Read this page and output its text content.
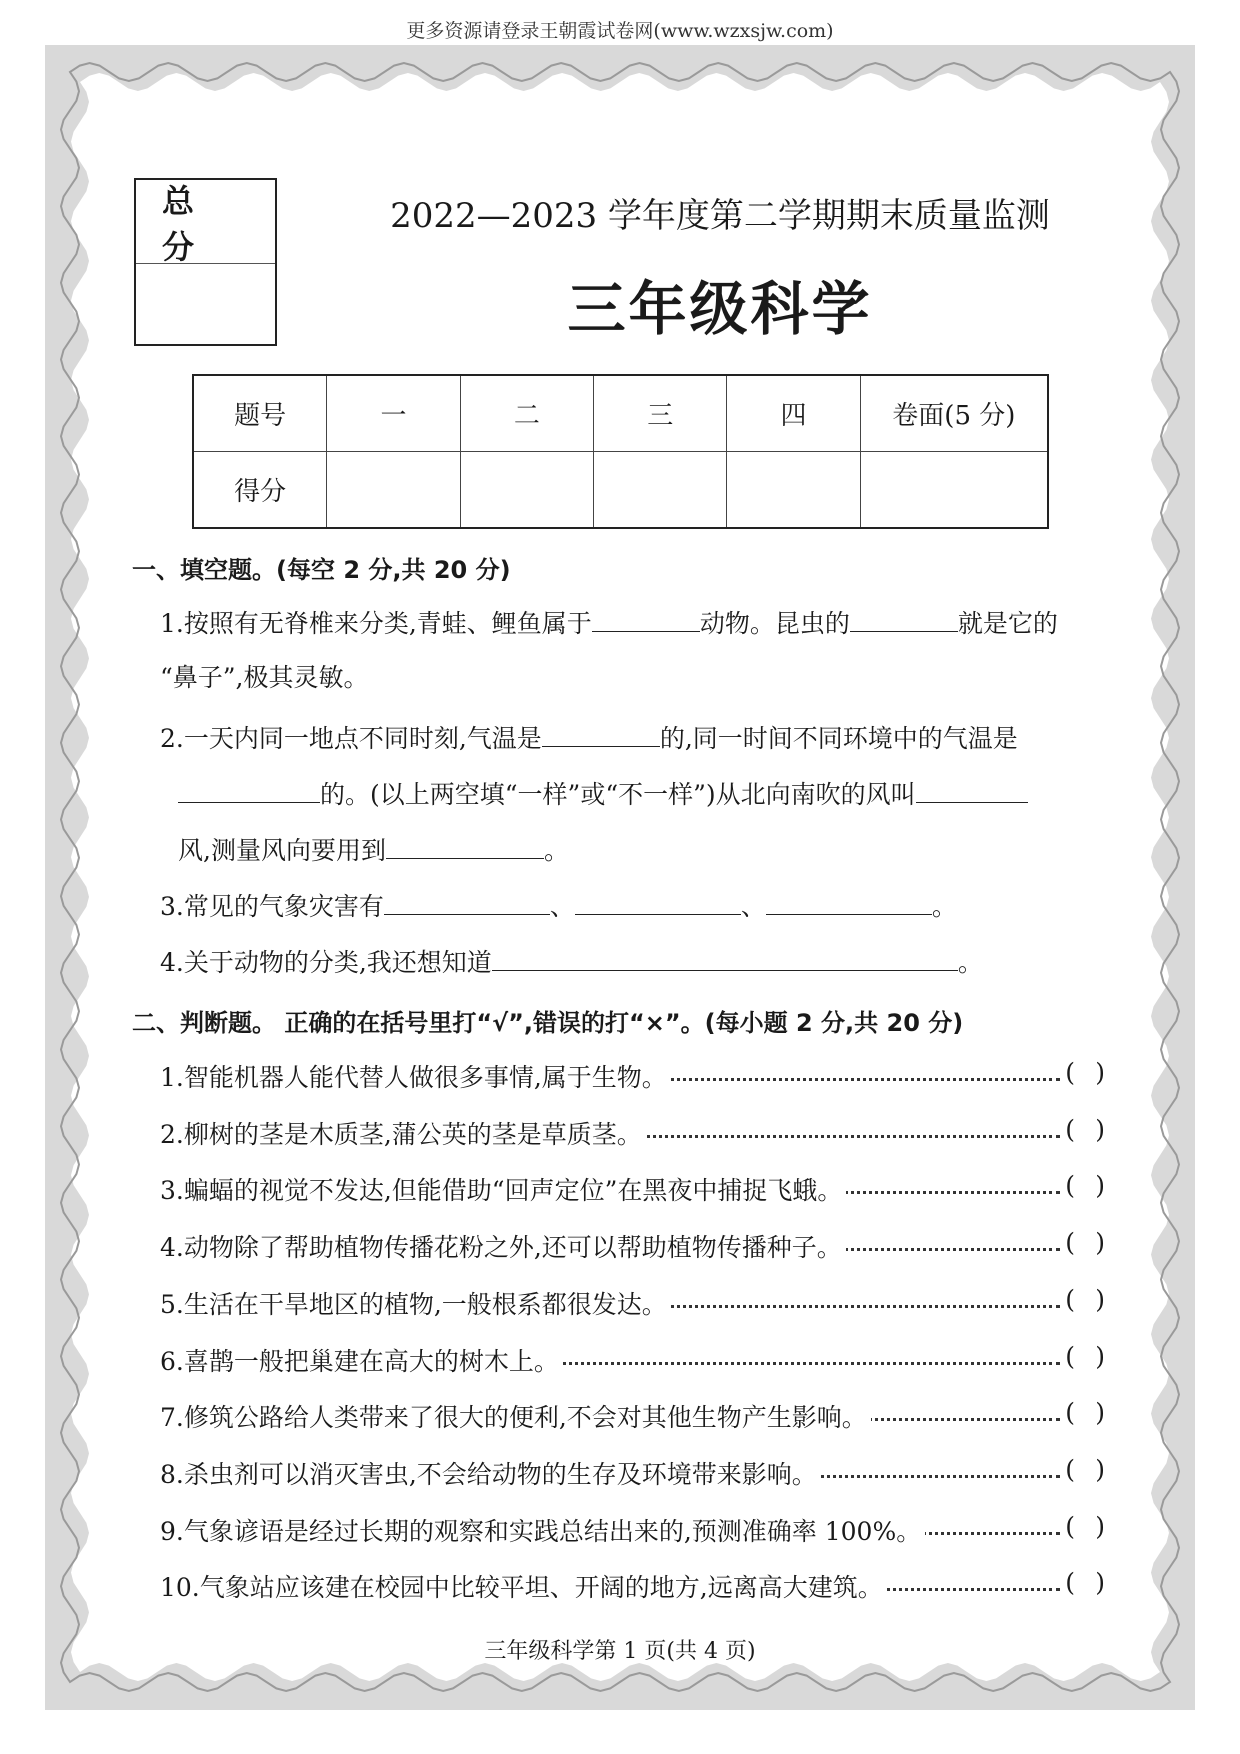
更多资源请登录王朝霞试卷网(www.wzxsjw.com)
总分
2022—2023 学年度第二学期期末质量监测
三年级科学
题号	一	二	三	四	卷面(5 分)
得分					
一、填空题。(每空 2 分,共 20 分)
1.按照有无脊椎来分类,青蛙、鲤鱼属于	动物。昆虫的	就是它的
“鼻子”,极其灵敏。
2.一天内同一地点不同时刻,气温是	的,同一时间不同环境中的气温是
的。(以上两空填“一样”或“不一样”)从北向南吹的风叫
风,测量风向要用到	。
3.常见的气象灾害有	、	、	。
4.关于动物的分类,我还想知道	。
二、判断题。 正确的在括号里打“√”,错误的打“×”。(每小题 2 分,共 20 分)
1.智能机器人能代替人做很多事情,属于生物。	( )
2.柳树的茎是木质茎,蒲公英的茎是草质茎。	( )
3.蝙蝠的视觉不发达,但能借助“回声定位”在黑夜中捕捉飞蛾。	( )
4.动物除了帮助植物传播花粉之外,还可以帮助植物传播种子。	( )
5.生活在干旱地区的植物,一般根系都很发达。	( )
6.喜鹊一般把巢建在高大的树木上。	( )
7.修筑公路给人类带来了很大的便利,不会对其他生物产生影响。	( )
8.杀虫剂可以消灭害虫,不会给动物的生存及环境带来影响。	( )
9.气象谚语是经过长期的观察和实践总结出来的,预测准确率 100%。	( )
10.气象站应该建在校园中比较平坦、开阔的地方,远离高大建筑。	( )
三年级科学第 1 页(共 4 页)
